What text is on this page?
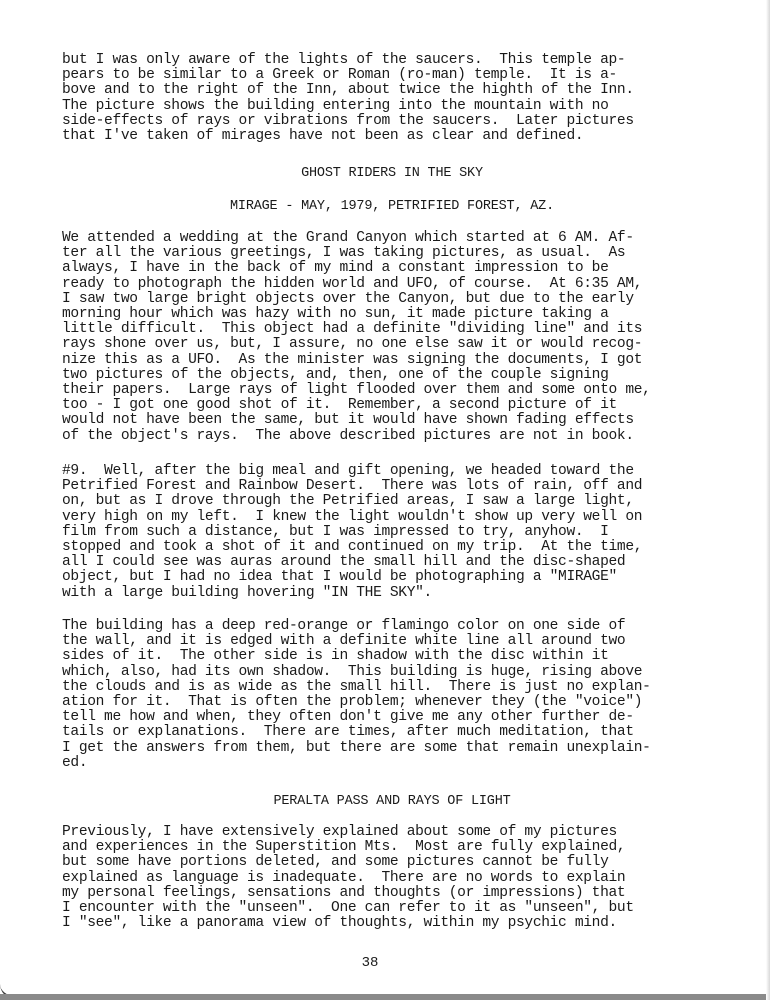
but I was only aware of the lights of the saucers.  This temple ap-
pears to be similar to a Greek or Roman (ro-man) temple.  It is a-
bove and to the right of the Inn, about twice the highth of the Inn.
The picture shows the building entering into the mountain with no
side-effects of rays or vibrations from the saucers.  Later pictures
that I've taken of mirages have not been as clear and defined.
GHOST RIDERS IN THE SKY
MIRAGE - MAY, 1979, PETRIFIED FOREST, AZ.
We attended a wedding at the Grand Canyon which started at 6 AM. Af-
ter all the various greetings, I was taking pictures, as usual.  As
always, I have in the back of my mind a constant impression to be
ready to photograph the hidden world and UFO, of course.  At 6:35 AM,
I saw two large bright objects over the Canyon, but due to the early
morning hour which was hazy with no sun, it made picture taking a
little difficult.  This object had a definite "dividing line" and its
rays shone over us, but, I assure, no one else saw it or would recog-
nize this as a UFO.  As the minister was signing the documents, I got
two pictures of the objects, and, then, one of the couple signing
their papers.  Large rays of light flooded over them and some onto me,
too - I got one good shot of it.  Remember, a second picture of it
would not have been the same, but it would have shown fading effects
of the object's rays.  The above described pictures are not in book.
#9.  Well, after the big meal and gift opening, we headed toward the
Petrified Forest and Rainbow Desert.  There was lots of rain, off and
on, but as I drove through the Petrified areas, I saw a large light,
very high on my left.  I knew the light wouldn't show up very well on
film from such a distance, but I was impressed to try, anyhow.  I
stopped and took a shot of it and continued on my trip.  At the time,
all I could see was auras around the small hill and the disc-shaped
object, but I had no idea that I would be photographing a "MIRAGE"
with a large building hovering "IN THE SKY".
The building has a deep red-orange or flamingo color on one side of
the wall, and it is edged with a definite white line all around two
sides of it.  The other side is in shadow with the disc within it
which, also, had its own shadow.  This building is huge, rising above
the clouds and is as wide as the small hill.  There is just no explan-
ation for it.  That is often the problem; whenever they (the "voice")
tell me how and when, they often don't give me any other further de-
tails or explanations.  There are times, after much meditation, that
I get the answers from them, but there are some that remain unexplain-
ed.
PERALTA PASS AND RAYS OF LIGHT
Previously, I have extensively explained about some of my pictures
and experiences in the Superstition Mts.  Most are fully explained,
but some have portions deleted, and some pictures cannot be fully
explained as language is inadequate.  There are no words to explain
my personal feelings, sensations and thoughts (or impressions) that
I encounter with the "unseen".  One can refer to it as "unseen", but
I "see", like a panorama view of thoughts, within my psychic mind.
38
